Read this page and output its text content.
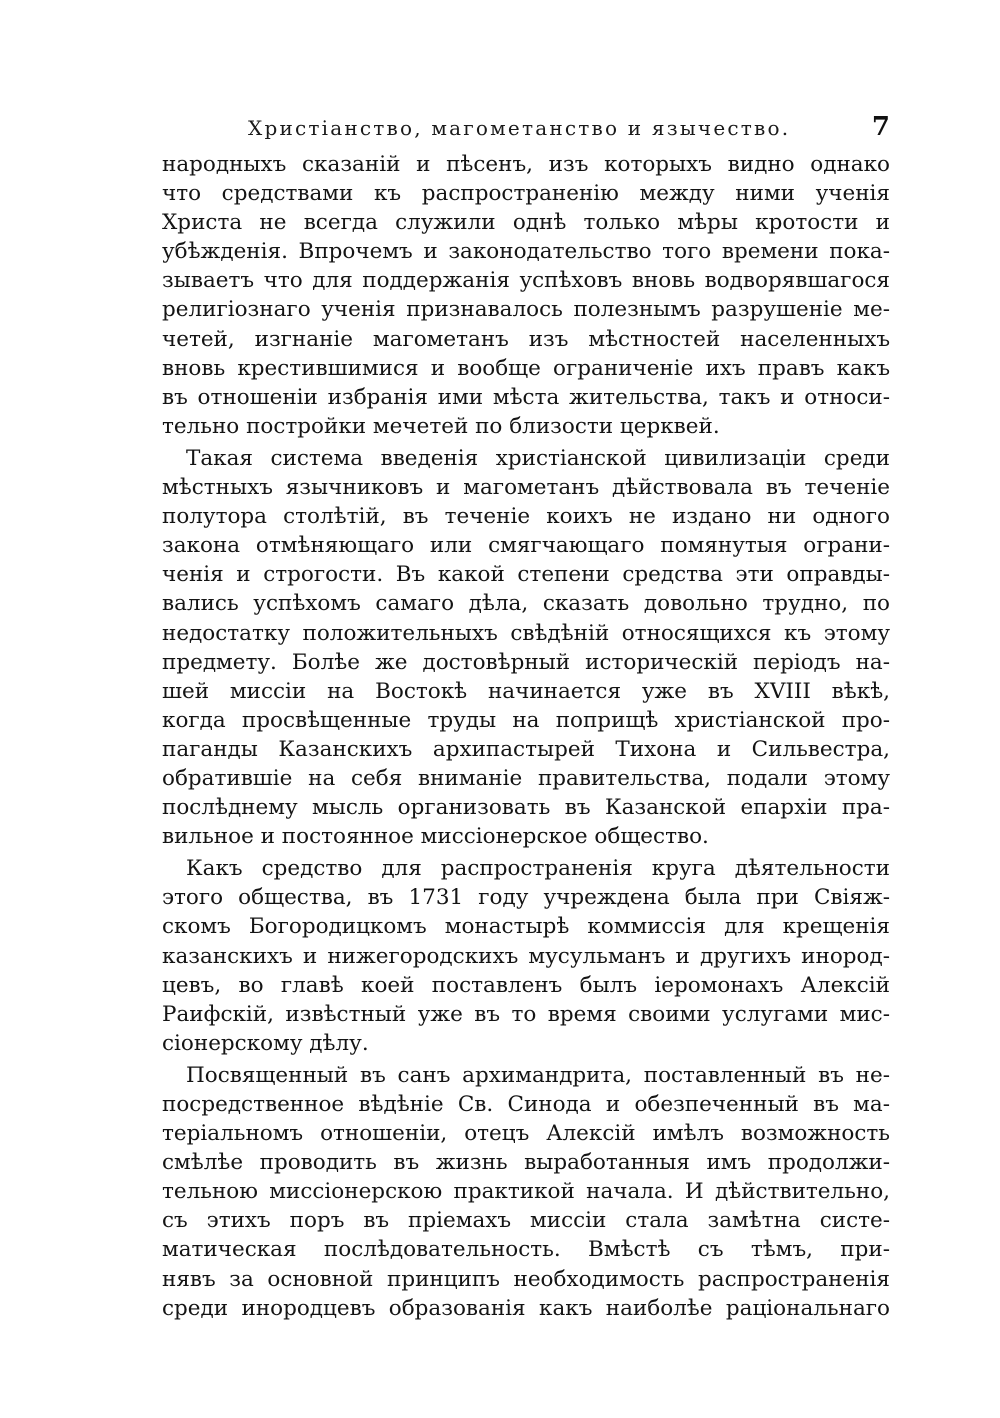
Христіанство, магометанство и язычество.	7

народныхъ сказаній и пѣсенъ, изъ которыхъ видно однако
что средствами къ распространенію между ними ученія
Христа не всегда служили однѣ только мѣры кротости и
убѣжденія. Впрочемъ и законодательство того времени пока-
зываетъ что для поддержанія успѣховъ вновь водворявшагося
религіознаго ученія признавалось полезнымъ разрушеніе ме-
четей, изгнаніе магометанъ изъ мѣстностей населенныхъ
вновь крестившимися и вообще ограниченіе ихъ правъ какъ
въ отношеніи избранія ими мѣста жительства, такъ и относи-
тельно постройки мечетей по близости церквей.

Такая система введенія христіанской цивилизаціи среди
мѣстныхъ язычниковъ и магометанъ дѣйствовала въ теченіе
полутора столѣтій, въ теченіе коихъ не издано ни одного
закона отмѣняющаго или смягчающаго помянутыя ограни-
ченія и строгости. Въ какой степени средства эти оправды-
вались успѣхомъ самаго дѣла, сказать довольно трудно, по
недостатку положительныхъ свѣдѣній относящихся къ этому
предмету. Болѣе же достовѣрный историческій періодъ на-
шей миссіи на Востокѣ начинается уже въ XVIII вѣкѣ,
когда просвѣщенные труды на поприщѣ христіанской про-
паганды Казанскихъ архипастырей Тихона и Сильвестра,
обратившіе на себя вниманіе правительства, подали этому
послѣднему мысль организовать въ Казанской епархіи пра-
вильное и постоянное миссіонерское общество.

Какъ средство для распространенія круга дѣятельности
этого общества, въ 1731 году учреждена была при Свіяж-
скомъ Богородицкомъ монастырѣ коммиссія для крещенія
казанскихъ и нижегородскихъ мусульманъ и другихъ инород-
цевъ, во главѣ коей поставленъ былъ іеромонахъ Алексій
Раифскій, извѣстный уже въ то время своими услугами мис-
сіонерскому дѣлу.

Посвященный въ санъ архимандрита, поставленный въ не-
посредственное вѣдѣніе Св. Синода и обезпеченный въ ма-
теріальномъ отношеніи, отецъ Алексій имѣлъ возможность
смѣлѣе проводить въ жизнь выработанныя имъ продолжи-
тельною миссіонерскою практикой начала. И дѣйствительно,
съ этихъ поръ въ пріемахъ миссіи стала замѣтна систе-
матическая послѣдовательность. Вмѣстѣ съ тѣмъ, при-
нявъ за основной принципъ необходимость распространенія
среди инородцевъ образованія какъ наиболѣе раціональнаго
